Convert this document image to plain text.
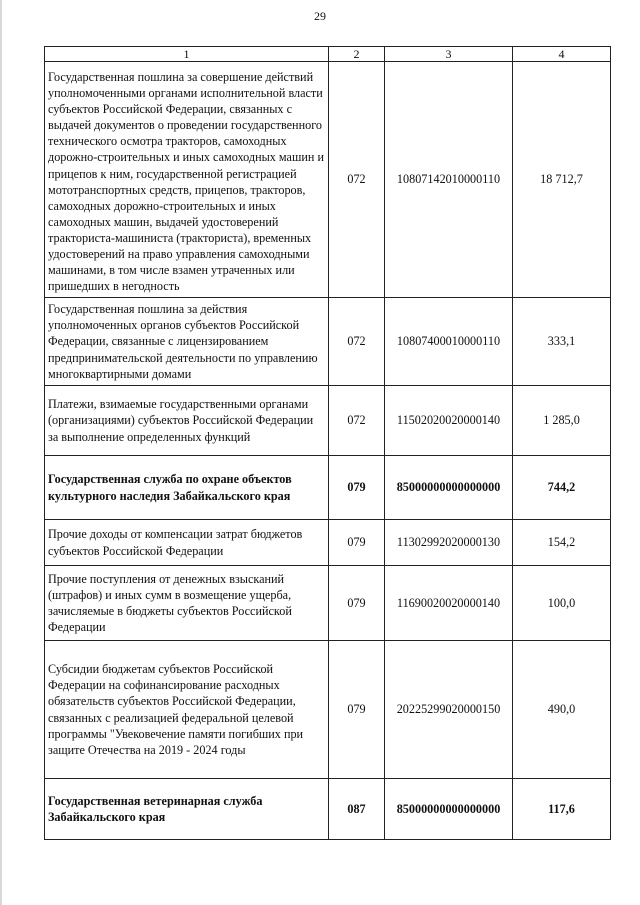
29
1	2	3	4
Государственная пошлина за совершение действий уполномоченными органами исполнительной власти субъектов Российской Федерации, связанных с выдачей документов о проведении государственного технического осмотра тракторов, самоходных дорожно-строительных и иных самоходных машин и прицепов к ним, государственной регистрацией мототранспортных средств, прицепов, тракторов, самоходных дорожно-строительных и иных самоходных машин, выдачей удостоверений тракториста-машиниста (тракториста), временных удостоверений на право управления самоходными машинами, в том числе взамен утраченных или пришедших в негодность	072	10807142010000110	18 712,7
Государственная пошлина за действия уполномоченных органов субъектов Российской Федерации, связанные с лицензированием предпринимательской деятельности по управлению многоквартирными домами	072	10807400010000110	333,1
Платежи, взимаемые государственными органами (организациями) субъектов Российской Федерации за выполнение определенных функций	072	11502020020000140	1 285,0
Государственная служба по охране объектов культурного наследия Забайкальского края	079	85000000000000000	744,2
Прочие доходы от компенсации затрат бюджетов субъектов Российской Федерации	079	11302992020000130	154,2
Прочие поступления от денежных взысканий (штрафов) и иных сумм в возмещение ущерба, зачисляемые в бюджеты субъектов Российской Федерации	079	11690020020000140	100,0
Субсидии бюджетам субъектов Российской Федерации на софинансирование расходных обязательств субъектов Российской Федерации, связанных с реализацией федеральной целевой программы "Увековечение памяти погибших при защите Отечества на 2019 - 2024 годы	079	20225299020000150	490,0
Государственная ветеринарная служба Забайкальского края	087	85000000000000000	117,6
